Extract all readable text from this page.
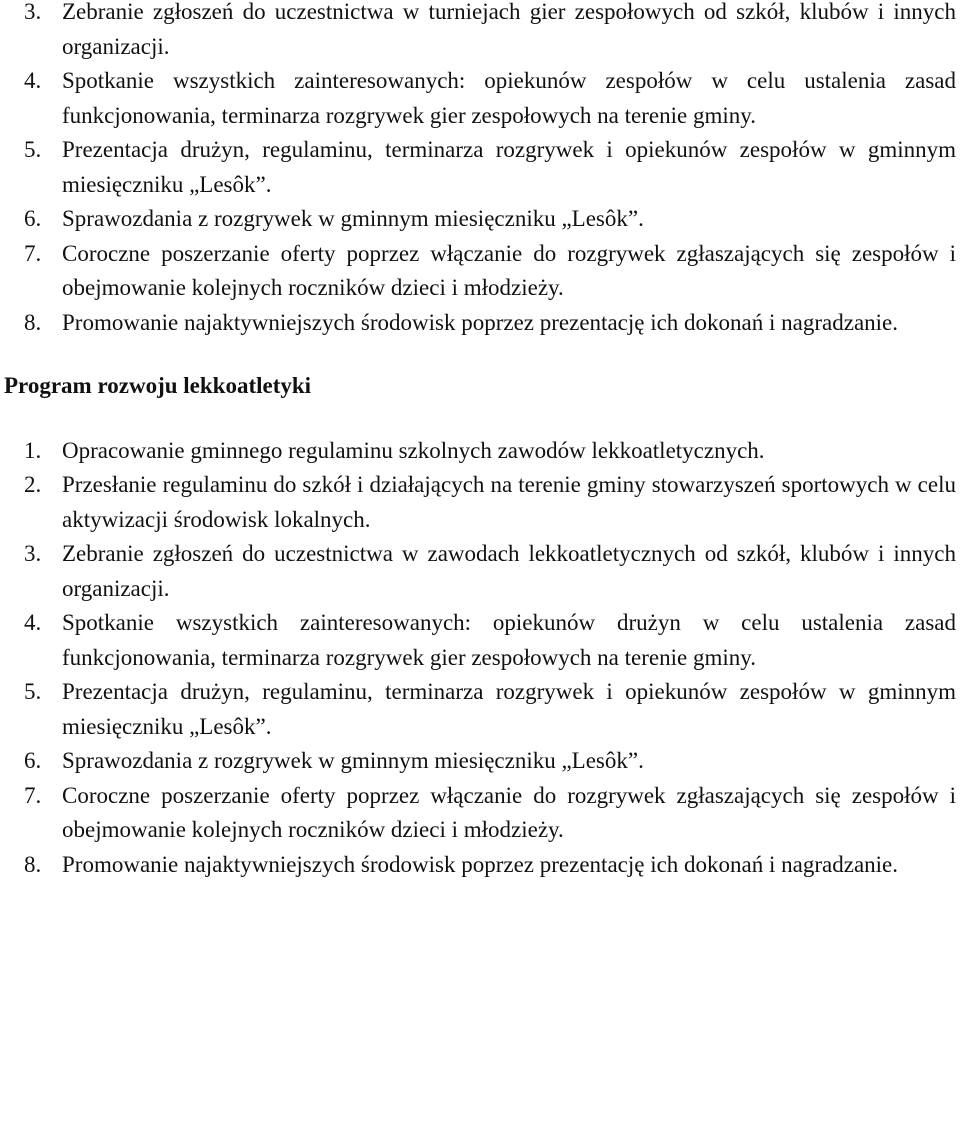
3. Zebranie zgłoszeń do uczestnictwa w turniejach gier zespołowych od szkół, klubów i innych organizacji.
4. Spotkanie wszystkich zainteresowanych: opiekunów zespołów w celu ustalenia zasad funkcjonowania, terminarza rozgrywek gier zespołowych na terenie gminy.
5. Prezentacja drużyn, regulaminu, terminarza rozgrywek i opiekunów zespołów w gminnym miesięczniku „Lesôk”.
6. Sprawozdania z rozgrywek w gminnym miesięczniku „Lesôk”.
7. Coroczne poszerzanie oferty poprzez włączanie do rozgrywek zgłaszających się zespołów i obejmowanie kolejnych roczników dzieci i młodzieży.
8. Promowanie najaktywniejszych środowisk poprzez prezentację ich dokonań i nagradzanie.
Program rozwoju lekkoatletyki
1. Opracowanie gminnego regulaminu szkolnych zawodów lekkoatletycznych.
2. Przesłanie regulaminu do szkół i działających na terenie gminy stowarzyszeń sportowych w celu aktywizacji środowisk lokalnych.
3. Zebranie zgłoszeń do uczestnictwa w zawodach lekkoatletycznych od szkół, klubów i innych organizacji.
4. Spotkanie wszystkich zainteresowanych: opiekunów drużyn w celu ustalenia zasad funkcjonowania, terminarza rozgrywek gier zespołowych na terenie gminy.
5. Prezentacja drużyn, regulaminu, terminarza rozgrywek i opiekunów zespołów w gminnym miesięczniku „Lesôk”.
6. Sprawozdania z rozgrywek w gminnym miesięczniku „Lesôk”.
7. Coroczne poszerzanie oferty poprzez włączanie do rozgrywek zgłaszających się zespołów i obejmowanie kolejnych roczników dzieci i młodzieży.
8. Promowanie najaktywniejszych środowisk poprzez prezentację ich dokonań i nagradzanie.
